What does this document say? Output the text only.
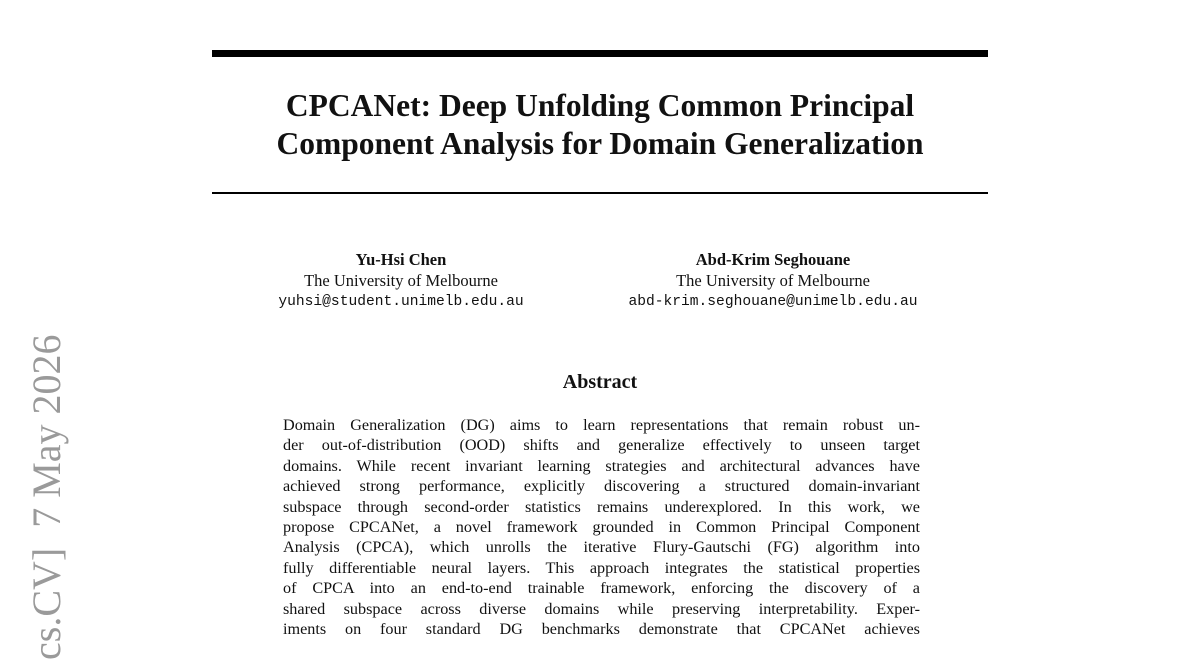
CPCANet: Deep Unfolding Common Principal
Component Analysis for Domain Generalization
Yu-Hsi Chen
The University of Melbourne
yuhsi@student.unimelb.edu.au
Abd-Krim Seghouane
The University of Melbourne
abd-krim.seghouane@unimelb.edu.au
Abstract
Domain Generalization (DG) aims to learn representations that remain robust un-
der out-of-distribution (OOD) shifts and generalize effectively to unseen target
domains. While recent invariant learning strategies and architectural advances have
achieved strong performance, explicitly discovering a structured domain-invariant
subspace through second-order statistics remains underexplored. In this work, we
propose CPCANet, a novel framework grounded in Common Principal Component
Analysis (CPCA), which unrolls the iterative Flury-Gautschi (FG) algorithm into
fully differentiable neural layers. This approach integrates the statistical properties
of CPCA into an end-to-end trainable framework, enforcing the discovery of a
shared subspace across diverse domains while preserving interpretability. Exper-
iments on four standard DG benchmarks demonstrate that CPCANet achieves
cs.CV]  7 May 2026
